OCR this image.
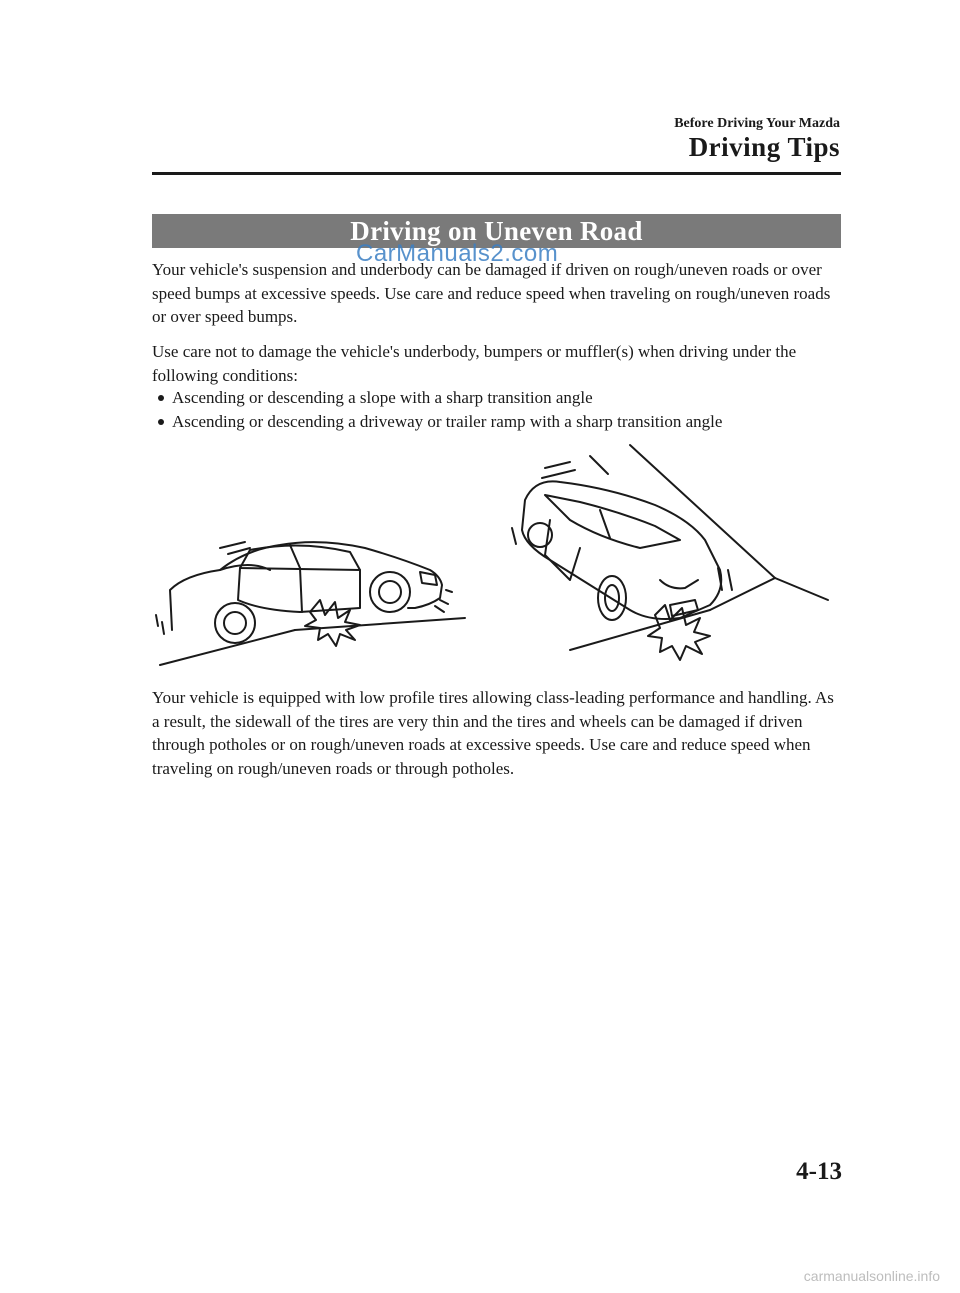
Before Driving Your Mazda
Driving Tips
Driving on Uneven Road
CarManuals2.com
Your vehicle's suspension and underbody can be damaged if driven on rough/uneven roads or over speed bumps at excessive speeds. Use care and reduce speed when traveling on rough/uneven roads or over speed bumps.
Use care not to damage the vehicle's underbody, bumpers or muffler(s) when driving under the following conditions:
Ascending or descending a slope with a sharp transition angle
Ascending or descending a driveway or trailer ramp with a sharp transition angle
Your vehicle is equipped with low profile tires allowing class-leading performance and handling. As a result, the sidewall of the tires are very thin and the tires and wheels can be damaged if driven through potholes or on rough/uneven roads at excessive speeds. Use care and reduce speed when traveling on rough/uneven roads or through potholes.
4-13
carmanualsonline.info
